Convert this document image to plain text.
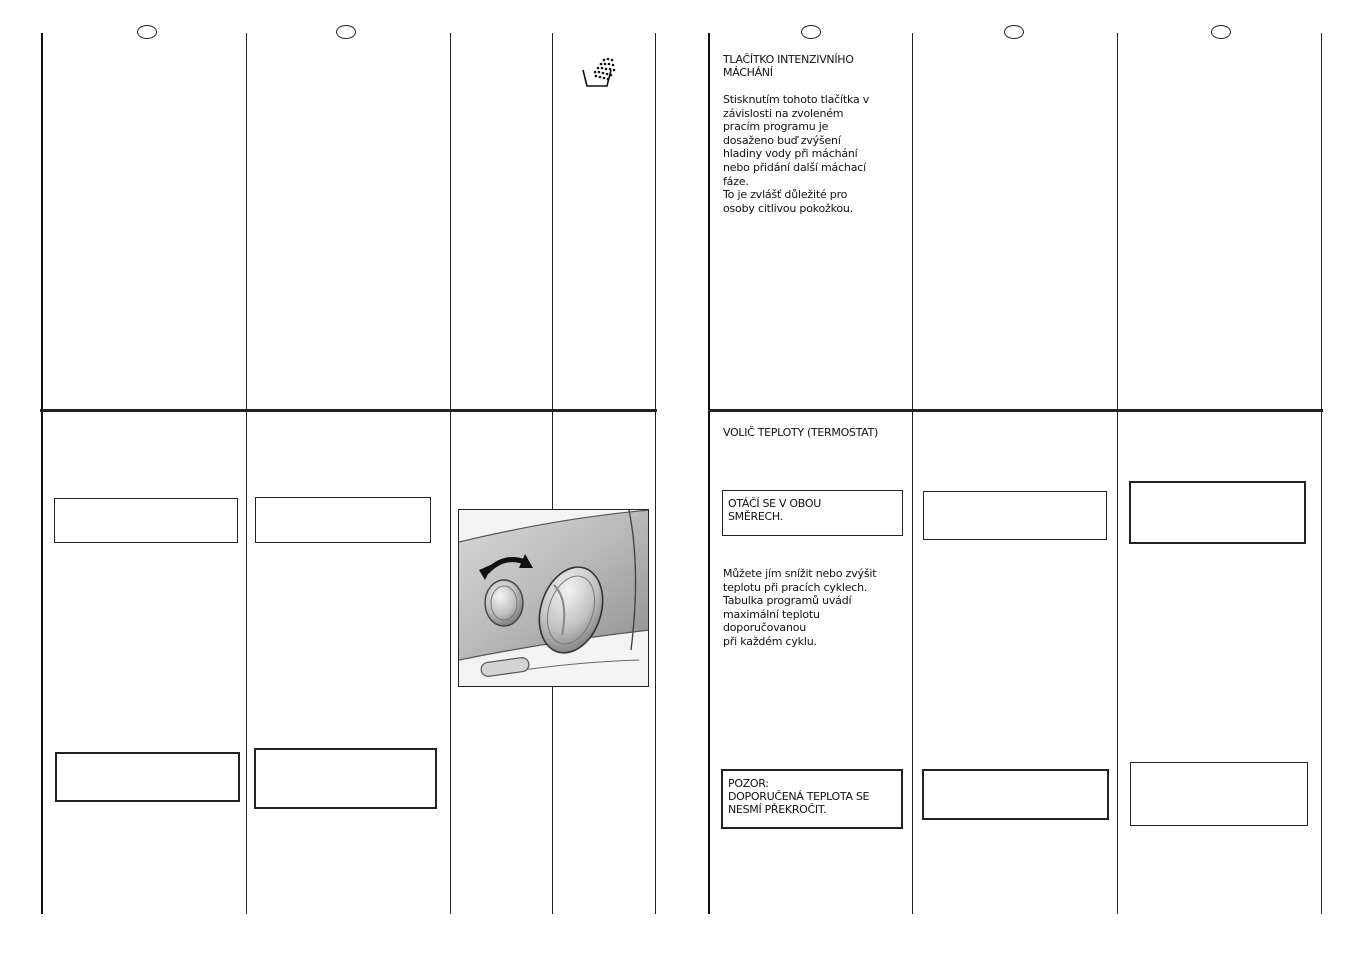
TLAČÍTKO INTENZIVNÍHO
MÁCHÁNÍ
Stisknutím tohoto tlačítka v
závislosti na zvoleném
pracím programu je
dosaženo buď zvýšení
hladiny vody při máchání
nebo přidání další máchací
fáze.
To je zvlášť důležité pro
osoby citlivou pokožkou.
VOLIČ TEPLOTY (TERMOSTAT)
OTÁČÍ SE V OBOU
SMĚRECH.
Můžete jím snížit nebo zvýšit
teplotu při pracích cyklech.
Tabulka programů uvádí
maximální teplotu
doporučovanou
při každém cyklu.
POZOR:
DOPORUČENÁ TEPLOTA SE
NESMÍ PŘEKROČIT.
